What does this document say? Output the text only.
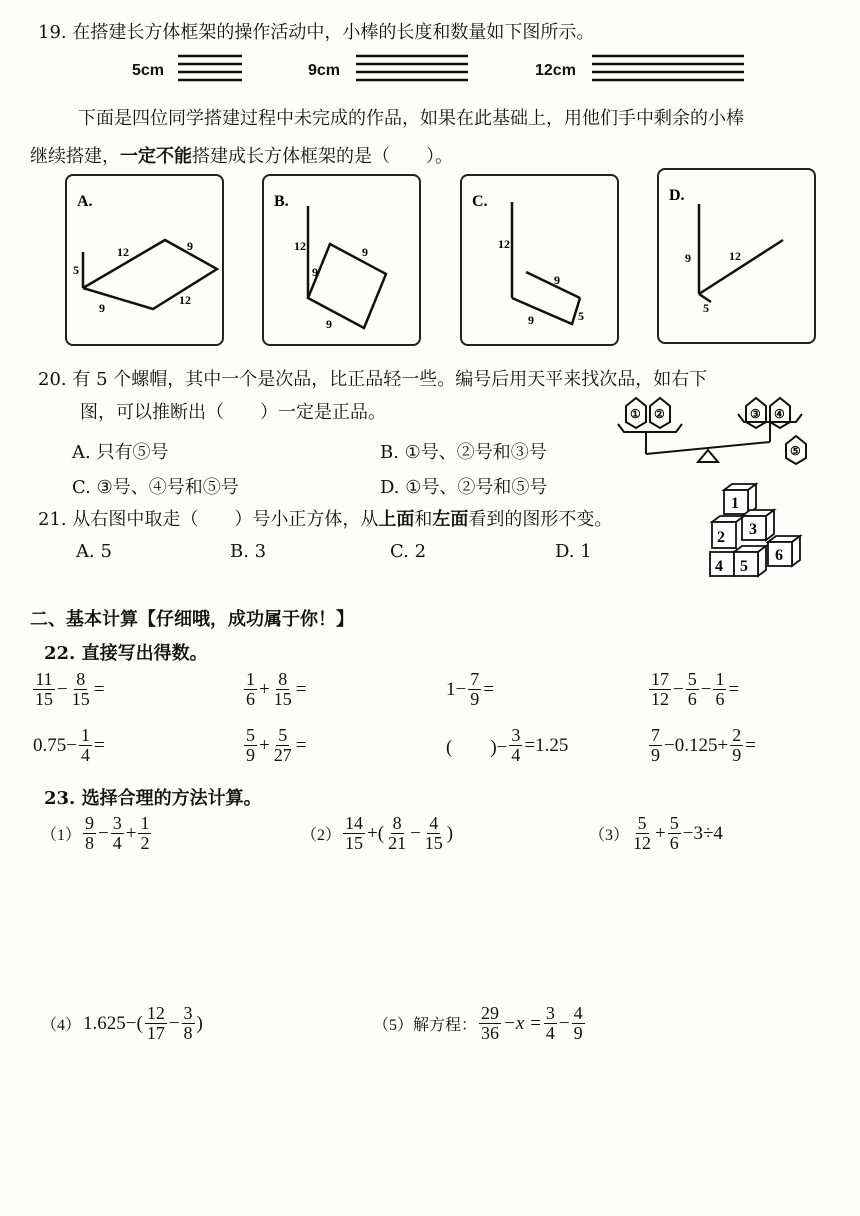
19. 在搭建长方体框架的操作活动中，小棒的长度和数量如下图所示。
5cm	9cm	12cm
下面是四位同学搭建过程中未完成的作品，如果在此基础上，用他们手中剩余的小棒
继续搭建，一定不能搭建成长方体框架的是（　　）。
A.
5
12	9
9
12
B.
12
9
9
9
C.
12
9
9	5
D.
9	12
5
20. 有 5 个螺帽，其中一个是次品，比正品轻一些。编号后用天平来找次品，如右下
图，可以推断出（　　）一定是正品。
A. 只有⑤号	B. ①号、②号和③号
C. ③号、④号和⑤号	D. ①号、②号和⑤号
① ②	③ ④
⑤
21. 从右图中取走（　　）号小正方体，从上面和左面看到的图形不变。
A. 5	B. 3	C. 2	D. 1
1
2 3
4 5
6
二、基本计算【仔细哦，成功属于你！】
22. 直接写出得数。
$\frac{11}{15} - \frac{8}{15}$ =	$\frac{1}{6} + \frac{8}{15}$ =	$1- \frac{7}{9}$ =	$\frac{17}{12} - \frac{5}{6} - \frac{1}{6}$ =
$0.75- \frac{1}{4}$ =	$\frac{5}{9} + \frac{5}{27}$ =	(　　)− $\frac{3}{4} =1.25$	$\frac{7}{9} -0.125+ \frac{2}{9}$ =
23. 选择合理的方法计算。
$(1) \frac{9}{8} - \frac{3}{4} + \frac{1}{2}$	$(2) \frac{14}{15}$ +( $\frac{8}{21} - \frac{4}{15}$ )	$(3) \frac{5}{12} + \frac{5}{6} -3\div 4$
（4） $1.625-( \frac{12}{17} - \frac{3}{8}$ )	（5）解方程： $\frac{29}{36} -x = \frac{3}{4} - \frac{4}{9}$
